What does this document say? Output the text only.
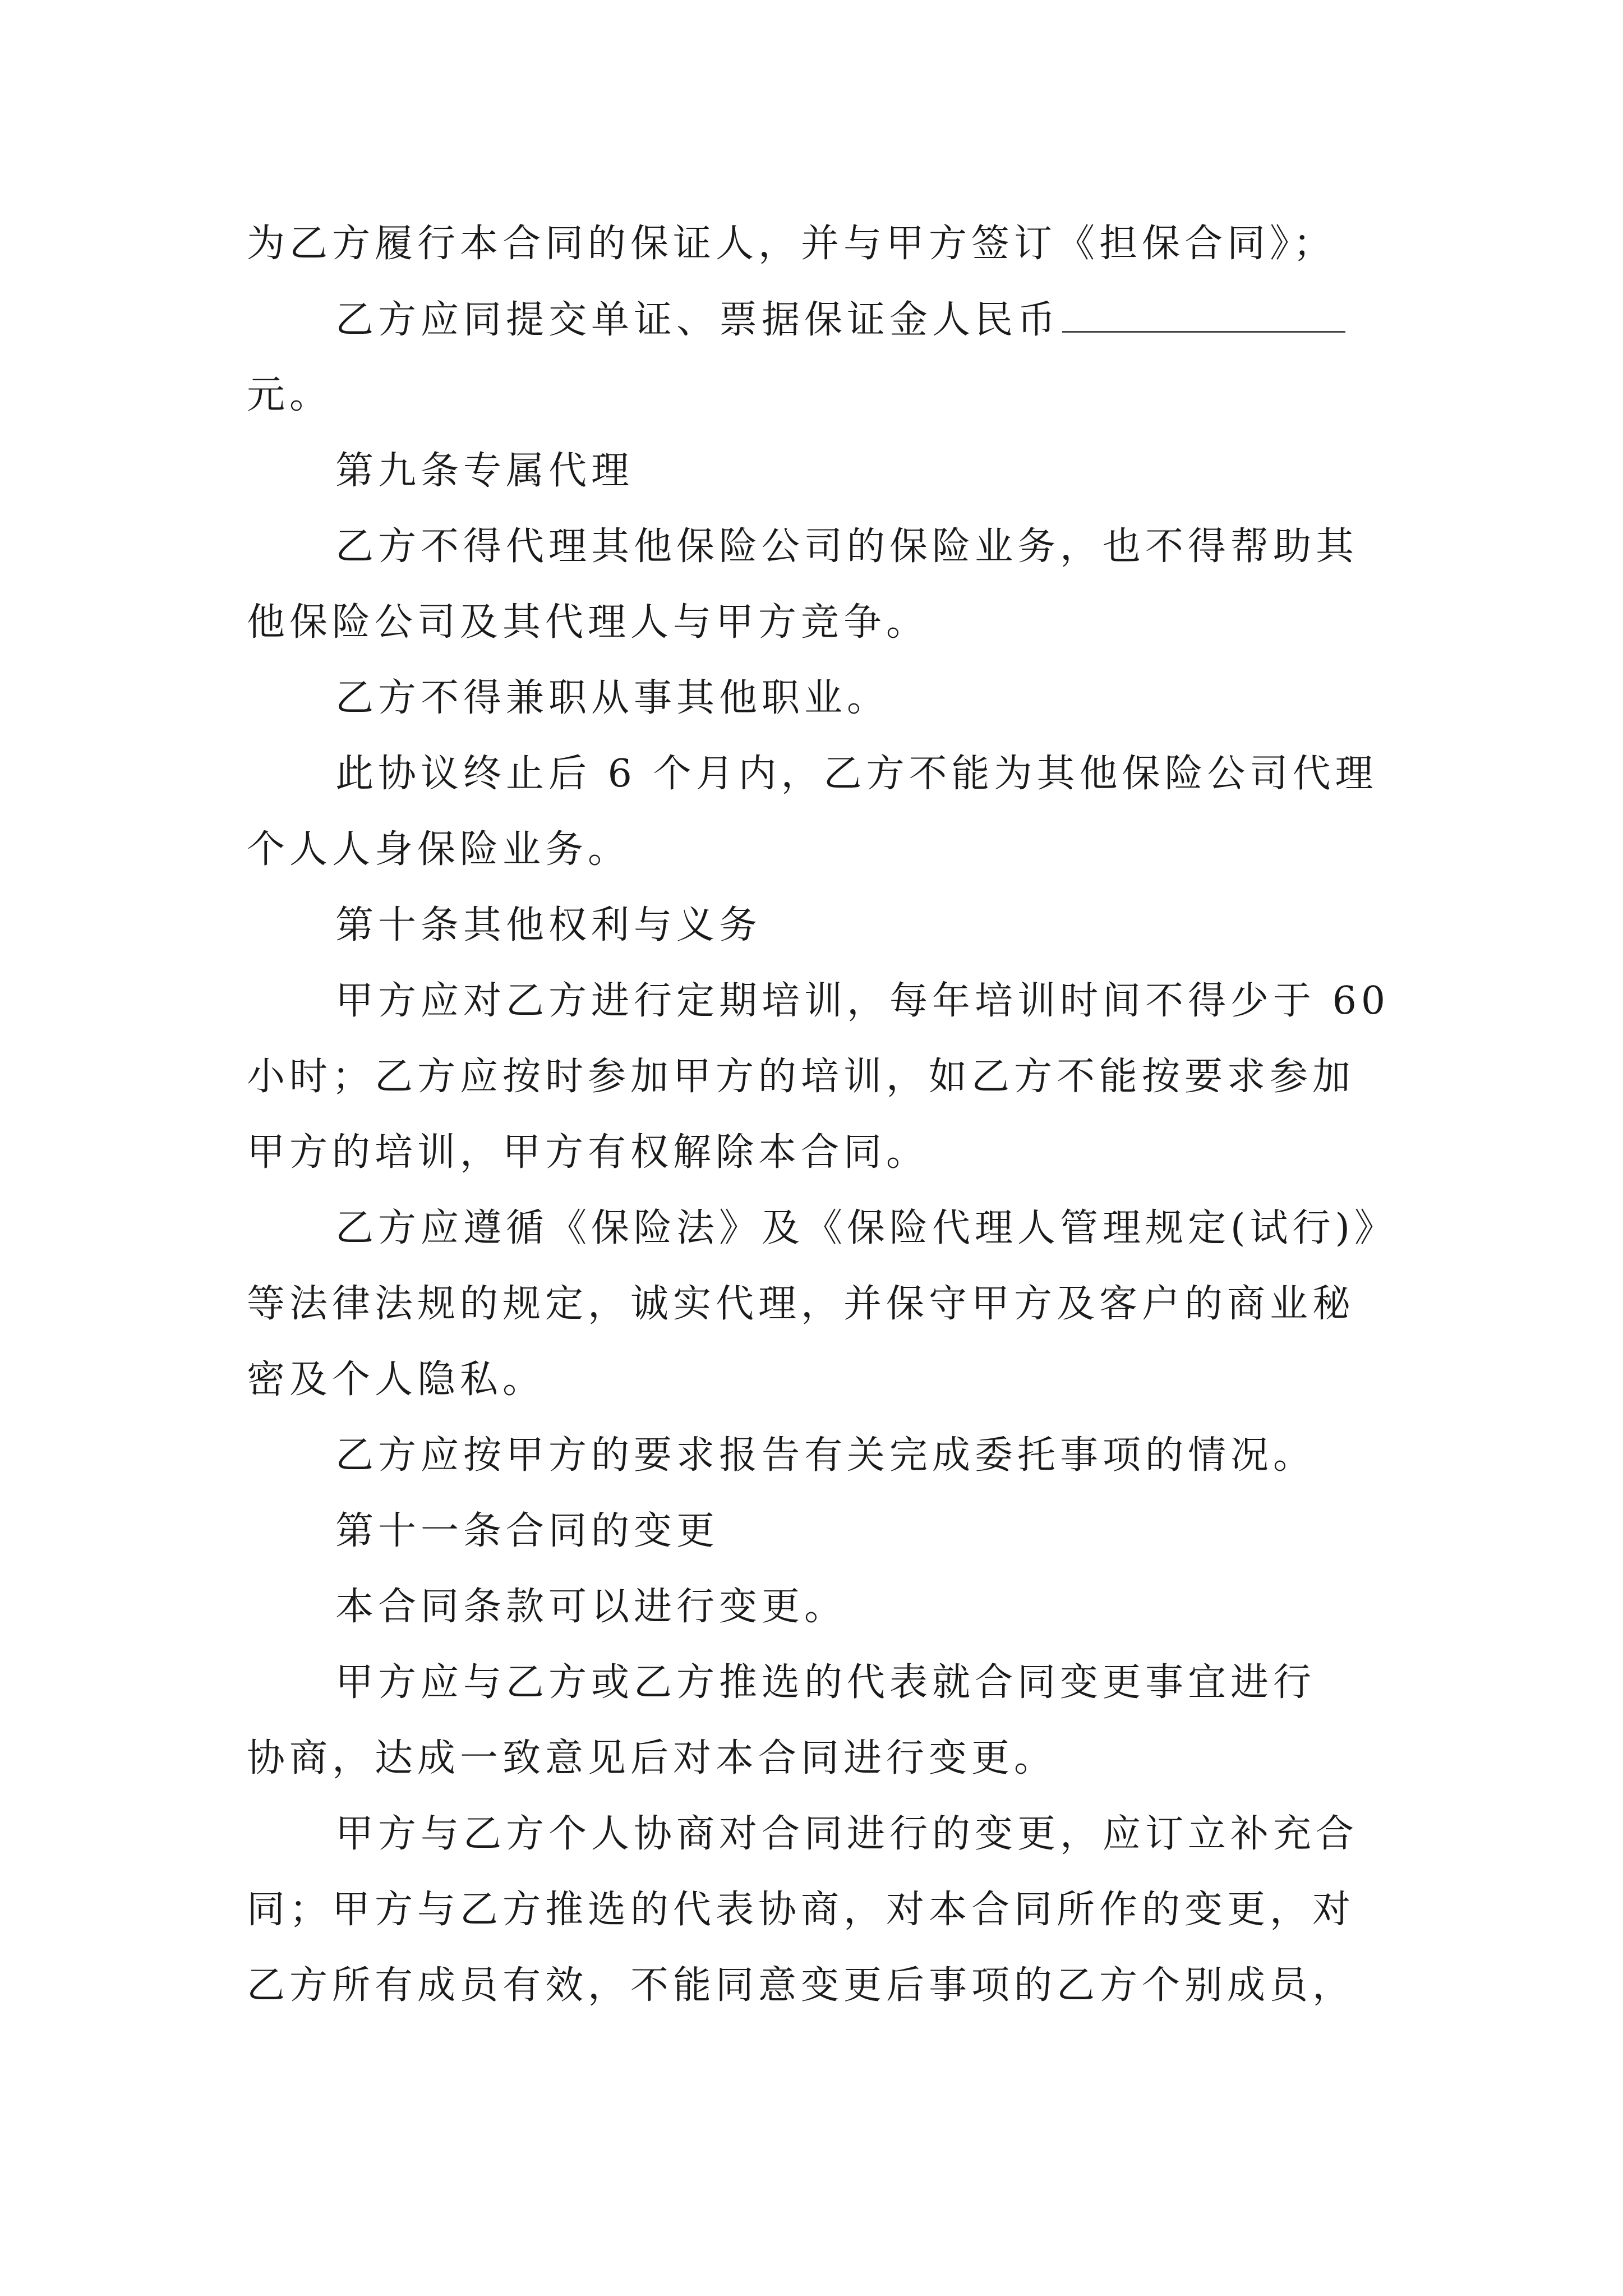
为乙方履行本合同的保证人，并与甲方签订《担保合同》；
乙方应同提交单证、票据保证金人民币
元。
第九条专属代理
乙方不得代理其他保险公司的保险业务，也不得帮助其
他保险公司及其代理人与甲方竞争。
乙方不得兼职从事其他职业。
此协议终止后 6 个月内，乙方不能为其他保险公司代理
个人人身保险业务。
第十条其他权利与义务
甲方应对乙方进行定期培训，每年培训时间不得少于 60
小时；乙方应按时参加甲方的培训，如乙方不能按要求参加
甲方的培训，甲方有权解除本合同。
乙方应遵循《保险法》及《保险代理人管理规定(试行)》
等法律法规的规定，诚实代理，并保守甲方及客户的商业秘
密及个人隐私。
乙方应按甲方的要求报告有关完成委托事项的情况。
第十一条合同的变更
本合同条款可以进行变更。
甲方应与乙方或乙方推选的代表就合同变更事宜进行
协商，达成一致意见后对本合同进行变更。
甲方与乙方个人协商对合同进行的变更，应订立补充合
同；甲方与乙方推选的代表协商，对本合同所作的变更，对
乙方所有成员有效，不能同意变更后事项的乙方个别成员，
